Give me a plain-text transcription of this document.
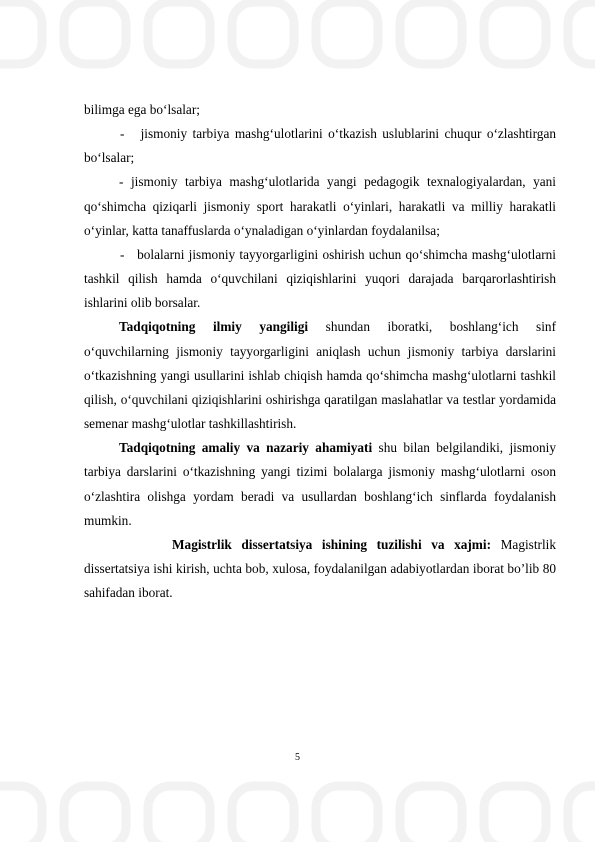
bilimga ega bo‘lsalar;

-   jismoniy tarbiya mashg‘ulotlarini o‘tkazish uslublarini chuqur o‘zlashtirgan bo‘lsalar;

- jismoniy tarbiya mashg‘ulotlarida yangi pedagogik texnalogiyalardan, yani qo‘shimcha qiziqarli jismoniy sport harakatli o‘yinlari, harakatli va milliy harakatli o‘yinlar, katta tanaffuslarda o‘ynaladigan o‘yinlardan foydalanilsa;

-   bolalarni jismoniy tayyorgarligini oshirish uchun qo‘shimcha mashg‘ulotlarni tashkil qilish hamda o‘quvchilani qiziqishlarini yuqori darajada barqarorlashtirish ishlarini olib borsalar.

Tadqiqotning ilmiy yangiligi shundan iboratki, boshlang‘ich sinf o‘quvchilarning jismoniy tayyorgarligini aniqlash uchun jismoniy tarbiya darslarini o‘tkazishning yangi usullarini ishlab chiqish hamda qo‘shimcha mashg‘ulotlarni tashkil qilish, o‘quvchilani qiziqishlarini oshirishga qaratilgan maslahatlar va testlar yordamida semenar mashg‘ulotlar tashkillashtirish.

Tadqiqotning amaliy va nazariy ahamiyati shu bilan belgilandiki, jismoniy tarbiya darslarini o‘tkazishning yangi tizimi bolalarga jismoniy mashg‘ulotlarni oson o‘zlashtira olishga yordam beradi va usullardan boshlang‘ich sinflarda foydalanish mumkin.

Magistrlik dissertatsiya ishining tuzilishi va xajmi: Magistrlik dissertatsiya ishi kirish, uchta bob, xulosa, foydalanilgan adabiyotlardan iborat bo’lib 80 sahifadan iborat.

5
